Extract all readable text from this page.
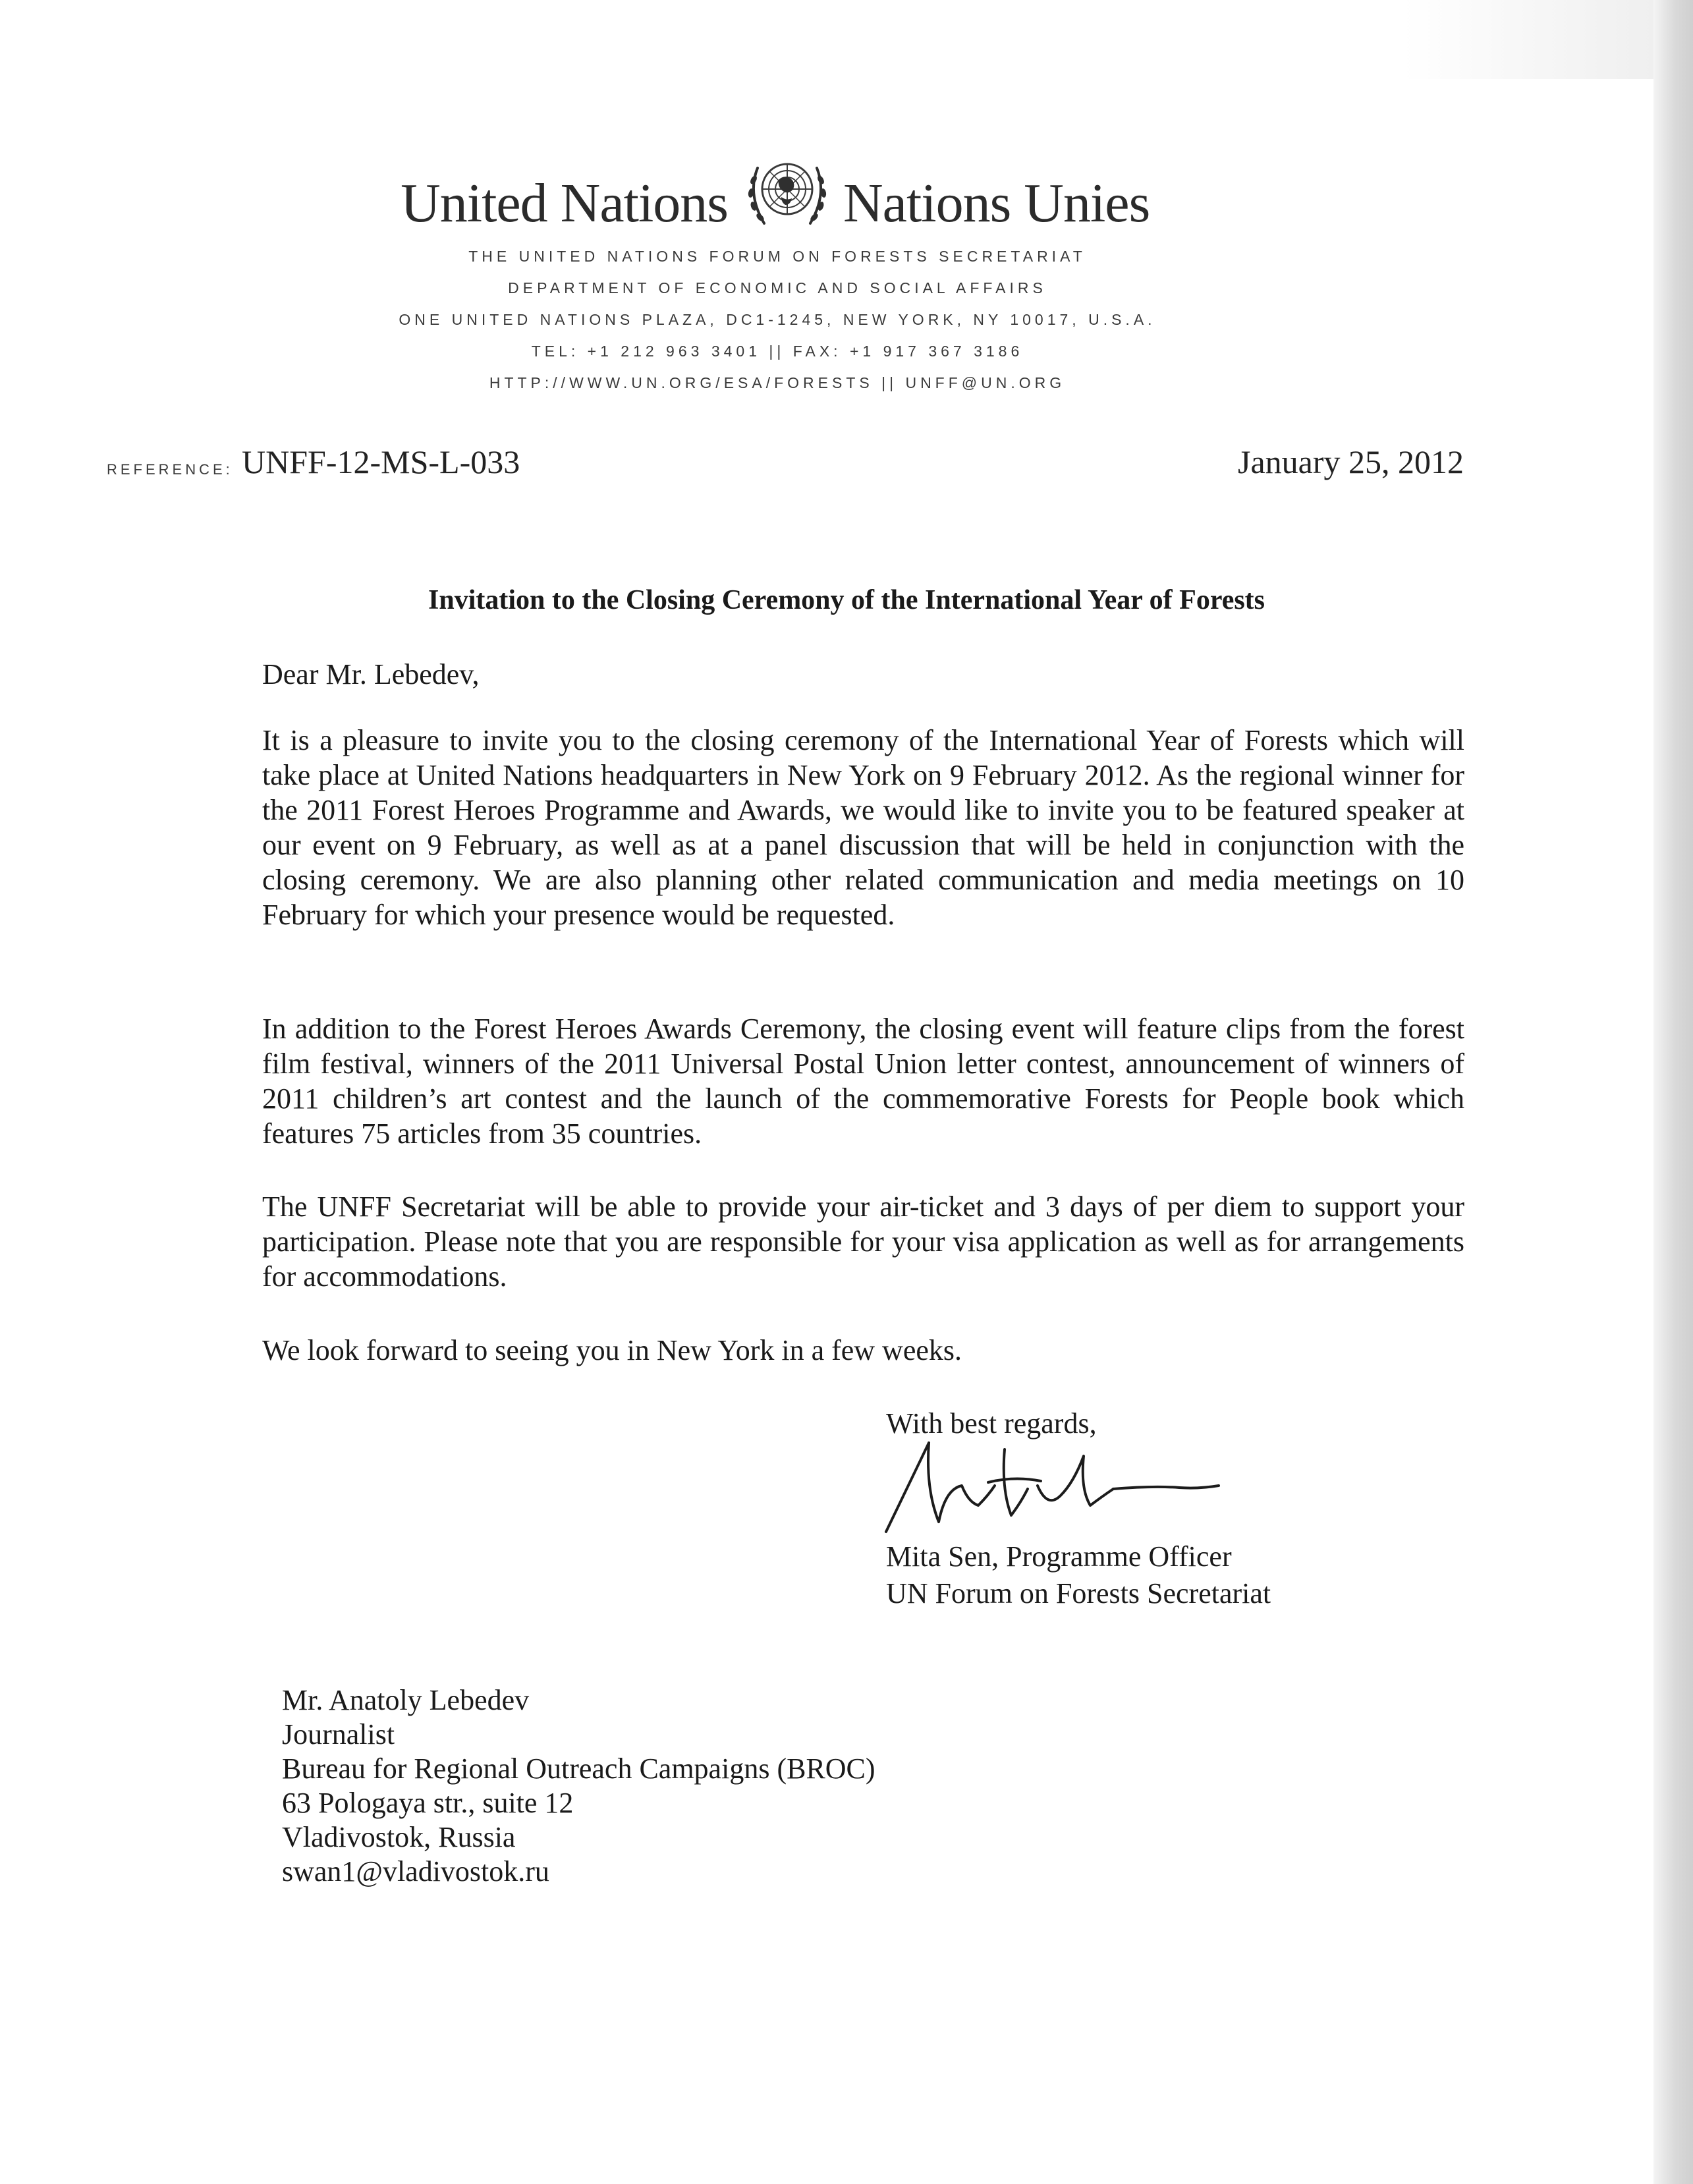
United Nations Nations Unies
THE UNITED NATIONS FORUM ON FORESTS SECRETARIAT
DEPARTMENT OF ECONOMIC AND SOCIAL AFFAIRS
ONE UNITED NATIONS PLAZA, DC1-1245, NEW YORK, NY 10017, U.S.A.
TEL: +1 212 963 3401 || FAX: +1 917 367 3186
HTTP://WWW.UN.ORG/ESA/FORESTS || UNFF@UN.ORG
REFERENCE: UNFF-12-MS-L-033	January 25, 2012
Invitation to the Closing Ceremony of the International Year of Forests
Dear Mr. Lebedev,
It is a pleasure to invite you to the closing ceremony of the International Year of Forests which will take place at United Nations headquarters in New York on 9 February 2012. As the regional winner for the 2011 Forest Heroes Programme and Awards, we would like to invite you to be featured speaker at our event on 9 February, as well as at a panel discussion that will be held in conjunction with the closing ceremony. We are also planning other related communication and media meetings on 10 February for which your presence would be requested.
In addition to the Forest Heroes Awards Ceremony, the closing event will feature clips from the forest film festival, winners of the 2011 Universal Postal Union letter contest, announcement of winners of 2011 children’s art contest and the launch of the commemorative Forests for People book which features 75 articles from 35 countries.
The UNFF Secretariat will be able to provide your air-ticket and 3 days of per diem to support your participation. Please note that you are responsible for your visa application as well as for arrangements for accommodations.
We look forward to seeing you in New York in a few weeks.
With best regards,
Mita Sen, Programme Officer
UN Forum on Forests Secretariat
Mr. Anatoly Lebedev
Journalist
Bureau for Regional Outreach Campaigns (BROC)
63 Pologaya str., suite 12
Vladivostok, Russia
swan1@vladivostok.ru
